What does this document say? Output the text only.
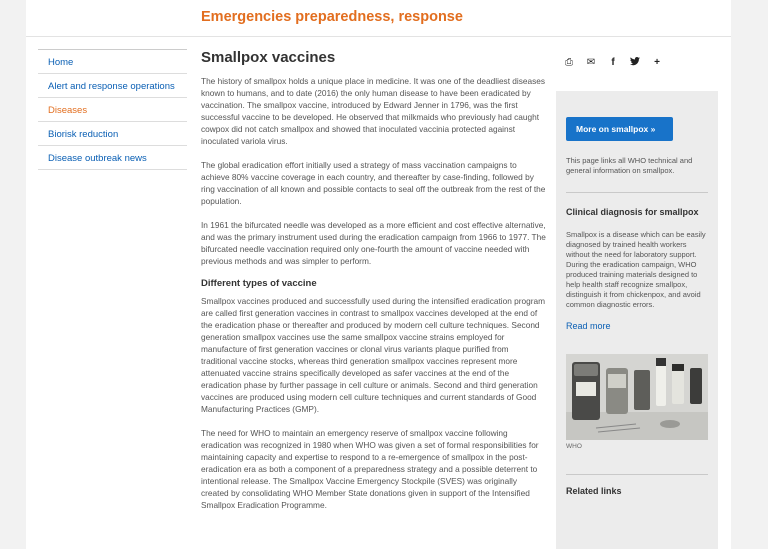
Emergencies preparedness, response
Home
Alert and response operations
Diseases
Biorisk reduction
Disease outbreak news
Smallpox vaccines

The history of smallpox holds a unique place in medicine. It was one of the deadliest diseases known to humans, and to date (2016) the only human disease to have been eradicated by vaccination. The smallpox vaccine, introduced by Edward Jenner in 1796, was the first successful vaccine to be developed. He observed that milkmaids who previously had caught cowpox did not catch smallpox and showed that inoculated vaccinia protected against inoculated variola virus.

The global eradication effort initially used a strategy of mass vaccination campaigns to achieve 80% vaccine coverage in each country, and thereafter by case-finding, followed by ring vaccination of all known and possible contacts to seal off the outbreak from the rest of the population.

In 1961 the bifurcated needle was developed as a more efficient and cost effective alternative, and was the primary instrument used during the eradication campaign from 1966 to 1977. The bifurcated needle vaccination required only one-fourth the amount of vaccine needed with previous methods and was simpler to perform.

Different types of vaccine

Smallpox vaccines produced and successfully used during the intensified eradication program are called first generation vaccines in contrast to smallpox vaccines developed at the end of the eradication phase or thereafter and produced by modern cell culture techniques. Second generation smallpox vaccines use the same smallpox vaccine strains employed for manufacture of first generation vaccines or clonal virus variants plaque purified from traditional vaccine stocks, whereas third generation smallpox vaccines represent more attenuated vaccine strains specifically developed as safer vaccines at the end of the eradication phase by further passage in cell culture or animals. Second and third generation vaccines are produced using modern cell culture techniques and current standards of Good Manufacturing Practices (GMP).

The need for WHO to maintain an emergency reserve of smallpox vaccine following eradication was recognized in 1980 when WHO was given a set of formal responsibilities for maintaining capacity and expertise to respond to a re-emergence of smallpox in the post-eradication era as both a component of a preparedness strategy and a possible deterrent to intentional release. The Smallpox Vaccine Emergency Stockpile (SVES) was originally created by consolidating WHO Member State donations given in support of the Intensified Smallpox Eradication Programme.

⎙ ✉	f	+
More on smallpox »

This page links all WHO technical and general information on smallpox.

Clinical diagnosis for smallpox

Smallpox is a disease which can be easily diagnosed by trained health workers without the need for laboratory support. During the eradication campaign, WHO produced training materials designed to help health staff recognize smallpox, distinguish it from chickenpox, and avoid common diagnostic errors.

Read more
WHO
Related links
